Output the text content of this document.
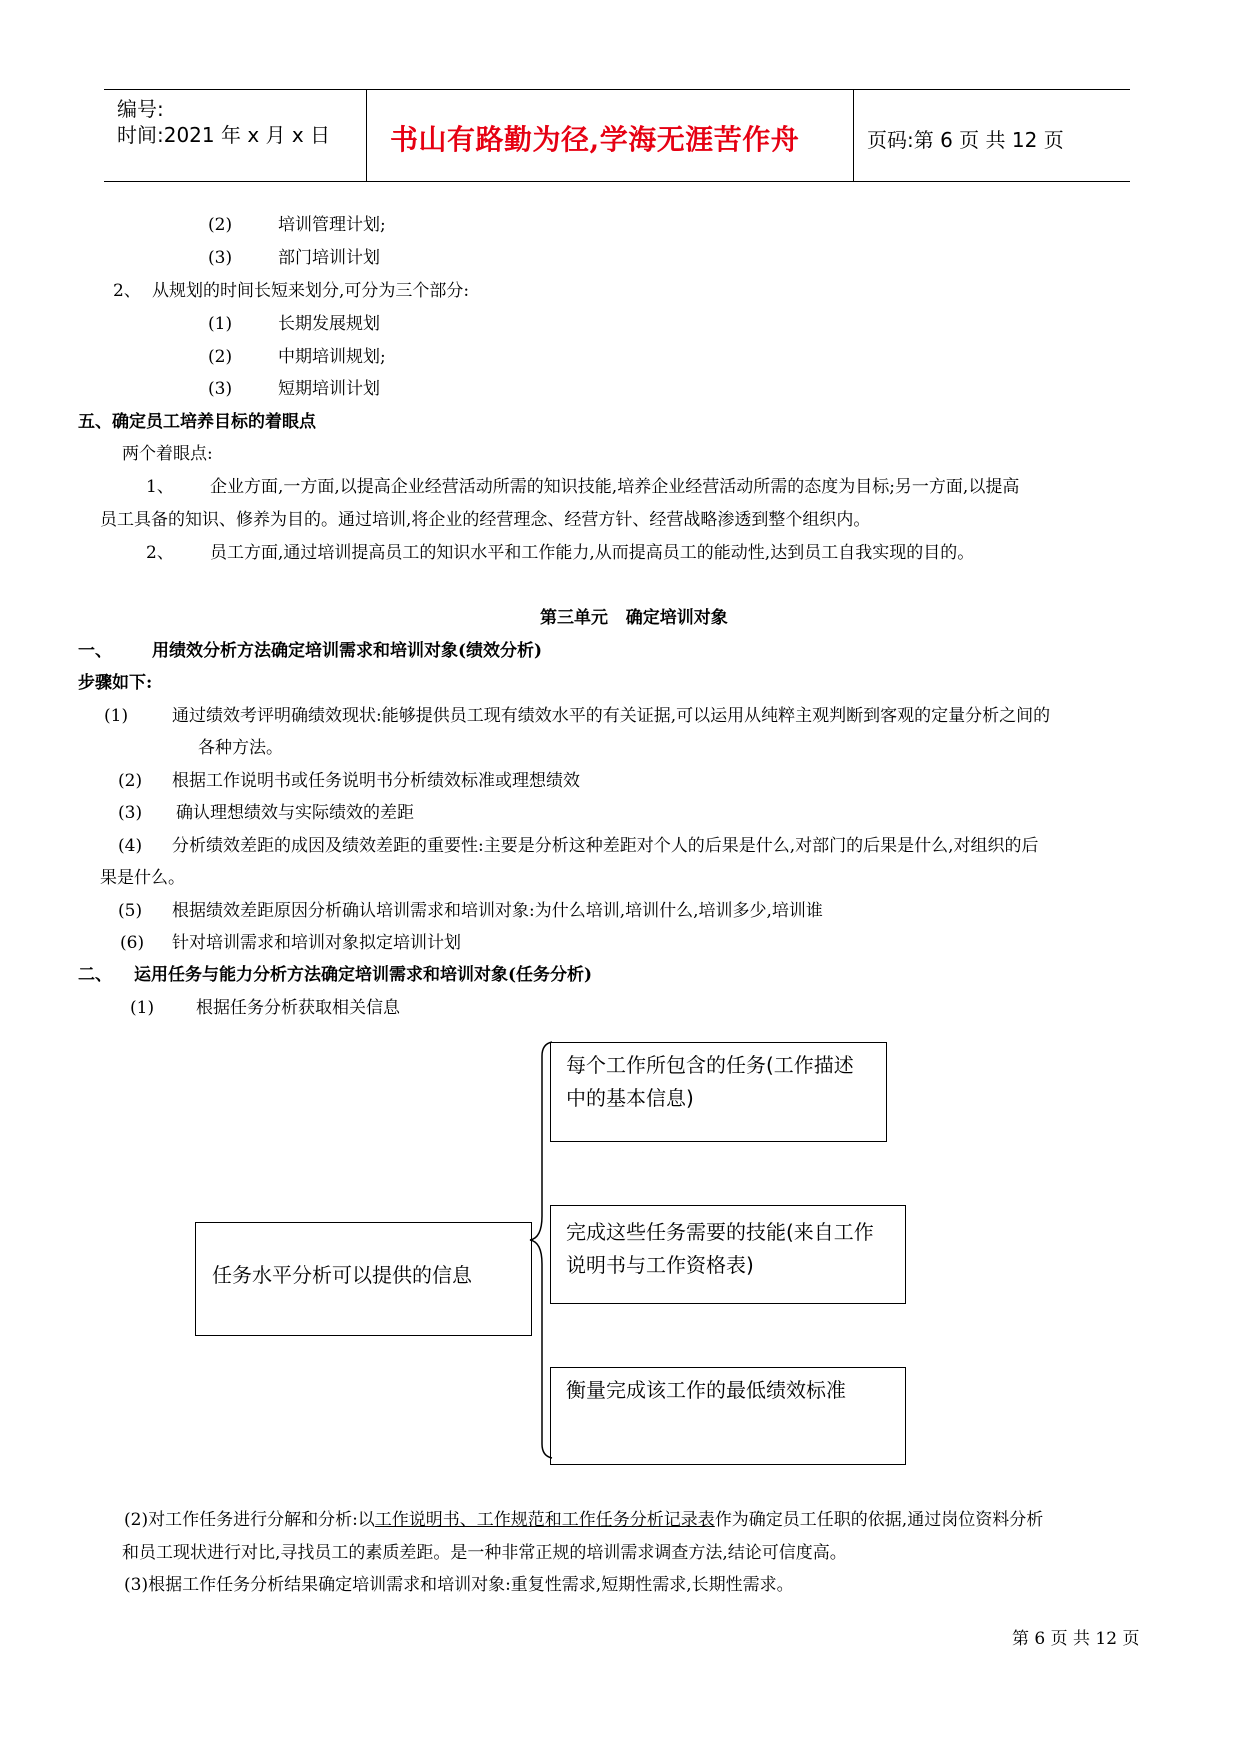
编号:
时间:2021 年 x 月 x 日 书山有路勤为径,学海无涯苦作舟	页码:第 6 页 共 12 页
(2)	培训管理计划;
(3)	部门培训计划
2、 从规划的时间长短来划分,可分为三个部分:
(1)	长期发展规划
(2)	中期培训规划;
(3)	短期培训计划
五、确定员工培养目标的着眼点
两个着眼点:
1、 企业方面,一方面,以提高企业经营活动所需的知识技能,培养企业经营活动所需的态度为目标;另一方面,以提高
员工具备的知识、修养为目的。通过培训,将企业的经营理念、经营方针、经营战略渗透到整个组织内。
2、 员工方面,通过培训提高员工的知识水平和工作能力,从而提高员工的能动性,达到员工自我实现的目的。
第三单元   确定培训对象
一、 用绩效分析方法确定培训需求和培训对象(绩效分析)
步骤如下:
(1)	通过绩效考评明确绩效现状:能够提供员工现有绩效水平的有关证据,可以运用从纯粹主观判断到客观的定量分析之间的
各种方法。
(2) 根据工作说明书或任务说明书分析绩效标准或理想绩效
(3) 确认理想绩效与实际绩效的差距
(4) 分析绩效差距的成因及绩效差距的重要性:主要是分析这种差距对个人的后果是什么,对部门的后果是什么,对组织的后
果是什么。
(5) 根据绩效差距原因分析确认培训需求和培训对象:为什么培训,培训什么,培训多少,培训谁
(6) 针对培训需求和培训对象拟定培训计划
二、 运用任务与能力分析方法确定培训需求和培训对象(任务分析)
(1) 根据任务分析获取相关信息
任务水平分析可以提供的信息
每个工作所包含的任务(工作描述中的基本信息)
完成这些任务需要的技能(来自工作说明书与工作资格表)
衡量完成该工作的最低绩效标准
(2)对工作任务进行分解和分析:以工作说明书、工作规范和工作任务分析记录表作为确定员工任职的依据,通过岗位资料分析
和员工现状进行对比,寻找员工的素质差距。是一种非常正规的培训需求调查方法,结论可信度高。
(3)根据工作任务分析结果确定培训需求和培训对象:重复性需求,短期性需求,长期性需求。
第 6 页 共 12 页
